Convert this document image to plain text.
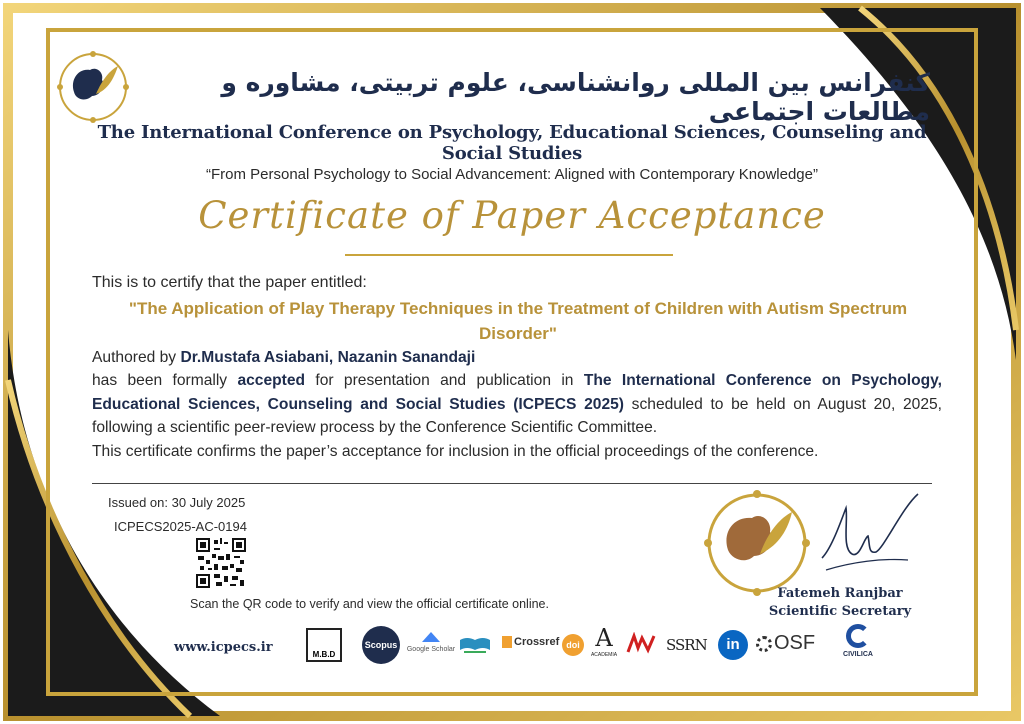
کنفرانس بین المللی روانشناسی، علوم تربیتی، مشاوره و مطالعات اجتماعی
The International Conference on Psychology, Educational Sciences, Counseling and Social Studies
“From Personal Psychology to Social Advancement: Aligned with Contemporary Knowledge”
Certificate of Paper Acceptance
This is to certify that the paper entitled:
"The Application of Play Therapy Techniques in the Treatment of Children with Autism Spectrum Disorder"
Authored by Dr.Mustafa Asiabani, Nazanin Sanandaji
has been formally accepted for presentation and publication in The International Conference on Psychology, Educational Sciences, Counseling and Social Studies (ICPECS 2025) scheduled to be held on August 20, 2025, following a scientific peer-review process by the Conference Scientific Committee.
This certificate confirms the paper’s acceptance for inclusion in the official proceedings of the conference.
Issued on: 30 July 2025
ICPECS2025-AC-0194
Scan the QR code to verify and view the official certificate online.
Fatemeh Ranjbar
Scientific Secretary
www.icpecs.ir	M.B.D
Scopus	Google Scholar
Crossref doi A
ACADEMIA
SSRN	in	OSF
CIVILICA
